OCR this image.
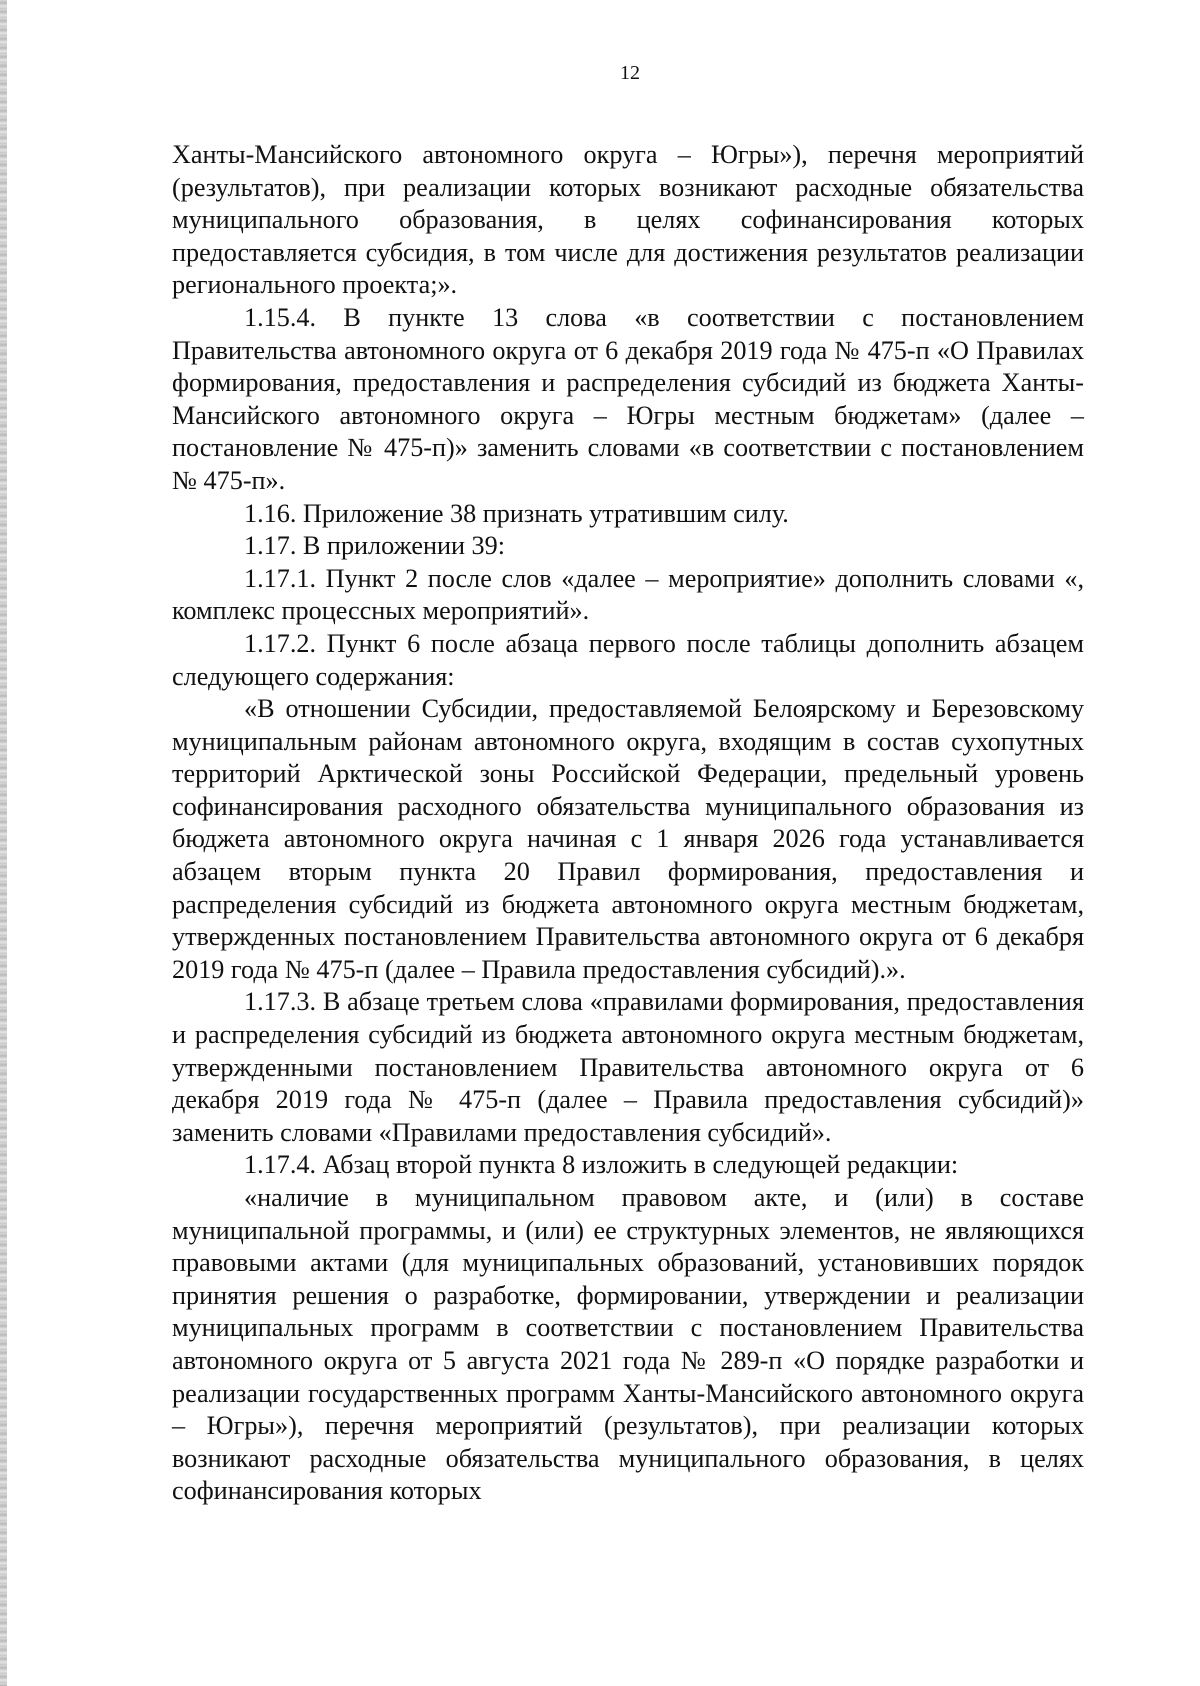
12

Ханты-Мансийского автономного округа – Югры»), перечня мероприятий (результатов), при реализации которых возникают расходные обязательства муниципального образования, в целях софинансирования которых предоставляется субсидия, в том числе для достижения результатов реализации регионального проекта;».

1.15.4. В пункте 13 слова «в соответствии с постановлением Правительства автономного округа от 6 декабря 2019 года № 475-п «О Правилах формирования, предоставления и распределения субсидий из бюджета Ханты-Мансийского автономного округа – Югры местным бюджетам» (далее – постановление № 475-п)» заменить словами «в соответствии с постановлением № 475-п».

1.16. Приложение 38 признать утратившим силу.

1.17. В приложении 39:

1.17.1. Пункт 2 после слов «далее – мероприятие» дополнить словами «, комплекс процессных мероприятий».

1.17.2. Пункт 6 после абзаца первого после таблицы дополнить абзацем следующего содержания:

«В отношении Субсидии, предоставляемой Белоярскому и Березовскому муниципальным районам автономного округа, входящим в состав сухопутных территорий Арктической зоны Российской Федерации, предельный уровень софинансирования расходного обязательства муниципального образования из бюджета автономного округа начиная с 1 января 2026 года устанавливается абзацем вторым пункта 20 Правил формирования, предоставления и распределения субсидий из бюджета автономного округа местным бюджетам, утвержденных постановлением Правительства автономного округа от 6 декабря 2019 года № 475-п (далее – Правила предоставления субсидий).».

1.17.3. В абзаце третьем слова «правилами формирования, предоставления и распределения субсидий из бюджета автономного округа местным бюджетам, утвержденными постановлением Правительства автономного округа от 6 декабря 2019 года № 475-п (далее – Правила предоставления субсидий)» заменить словами «Правилами предоставления субсидий».

1.17.4. Абзац второй пункта 8 изложить в следующей редакции:

«наличие в муниципальном правовом акте, и (или) в составе муниципальной программы, и (или) ее структурных элементов, не являющихся правовыми актами (для муниципальных образований, установивших порядок принятия решения о разработке, формировании, утверждении и реализации муниципальных программ в соответствии с постановлением Правительства автономного округа от 5 августа 2021 года № 289-п «О порядке разработки и реализации государственных программ Ханты-Мансийского автономного округа – Югры»), перечня мероприятий (результатов), при реализации которых возникают расходные обязательства муниципального образования, в целях софинансирования которых
